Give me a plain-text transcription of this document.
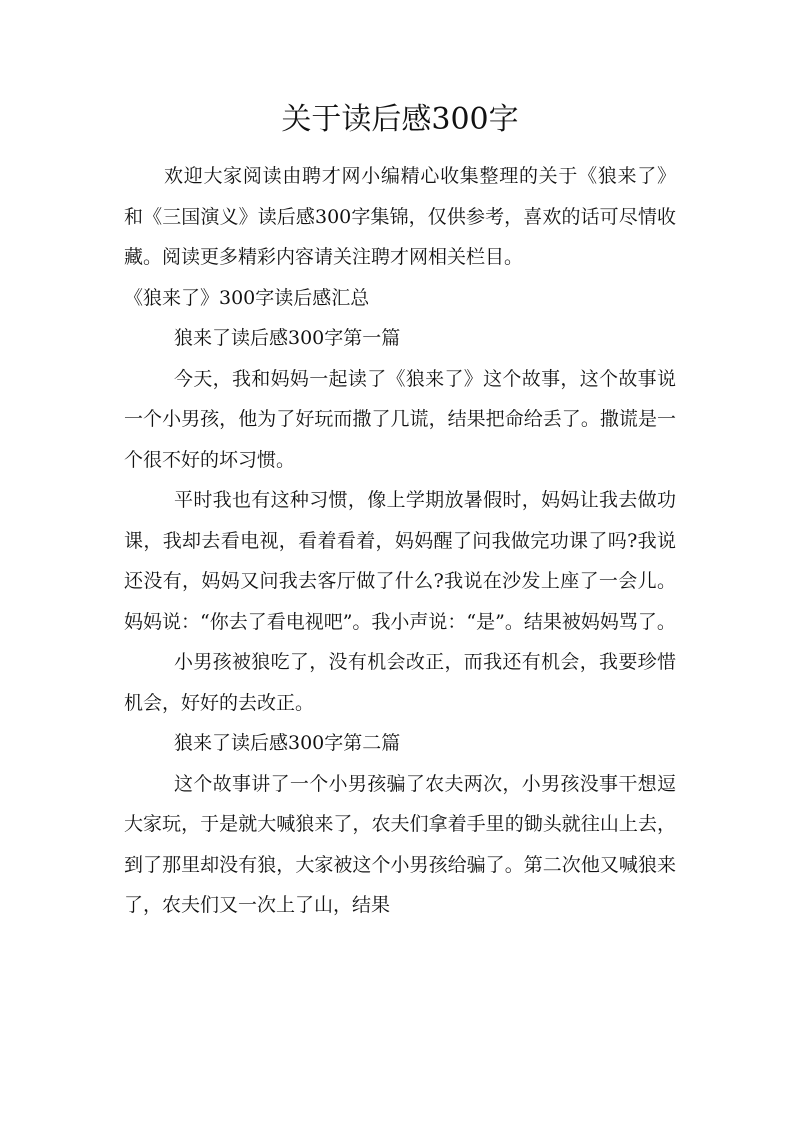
关于读后感300字

欢迎大家阅读由聘才网小编精心收集整理的关于《狼来了》和《三国演义》读后感300字集锦，仅供参考，喜欢的话可尽情收藏。阅读更多精彩内容请关注聘才网相关栏目。

《狼来了》300字读后感汇总

狼来了读后感300字第一篇

今天，我和妈妈一起读了《狼来了》这个故事，这个故事说一个小男孩，他为了好玩而撒了几谎，结果把命给丢了。撒谎是一个很不好的坏习惯。

平时我也有这种习惯，像上学期放暑假时，妈妈让我去做功课，我却去看电视，看着看着，妈妈醒了问我做完功课了吗?我说还没有，妈妈又问我去客厅做了什么?我说在沙发上座了一会儿。妈妈说：“你去了看电视吧”。我小声说：“是”。结果被妈妈骂了。

小男孩被狼吃了，没有机会改正，而我还有机会，我要珍惜机会，好好的去改正。

狼来了读后感300字第二篇

这个故事讲了一个小男孩骗了农夫两次，小男孩没事干想逗大家玩，于是就大喊狼来了，农夫们拿着手里的锄头就往山上去，到了那里却没有狼，大家被这个小男孩给骗了。第二次他又喊狼来了，农夫们又一次上了山，结果
